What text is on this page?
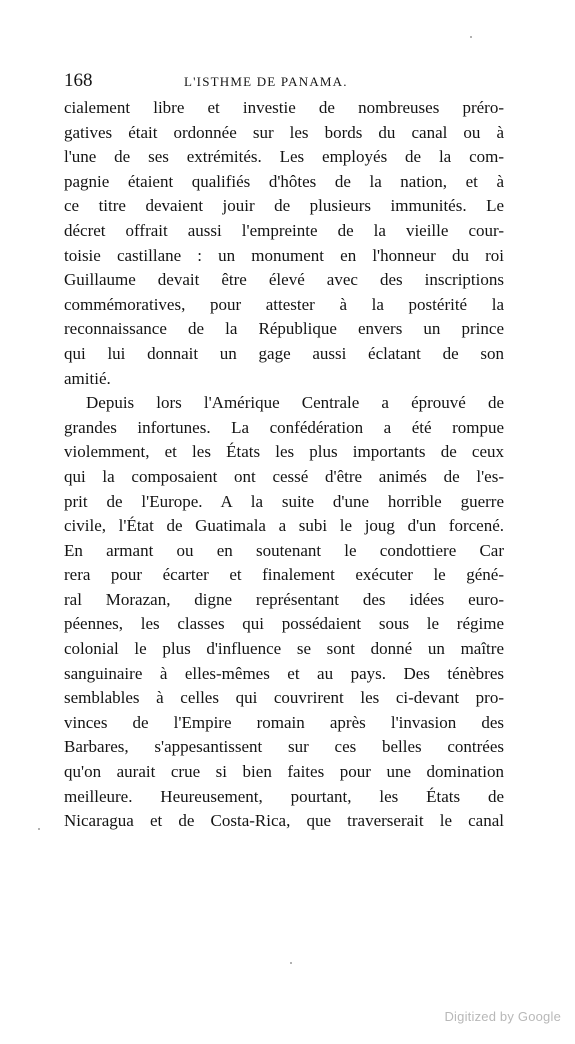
168	L'ISTHME DE PANAMA.

cialement libre et investie de nombreuses préro-
gatives était ordonnée sur les bords du canal ou à
l'une de ses extrémités. Les employés de la com-
pagnie étaient qualifiés d'hôtes de la nation, et à
ce titre devaient jouir de plusieurs immunités. Le
décret offrait aussi l'empreinte de la vieille cour-
toisie castillane : un monument en l'honneur du roi
Guillaume devait être élevé avec des inscriptions
commémoratives, pour attester à la postérité la
reconnaissance de la République envers un prince
qui lui donnait un gage aussi éclatant de son
amitié.

Depuis lors l'Amérique Centrale a éprouvé de
grandes infortunes. La confédération a été rompue
violemment, et les États les plus importants de ceux
qui la composaient ont cessé d'être animés de l'es-
prit de l'Europe. A la suite d'une horrible guerre
civile, l'État de Guatimala a subi le joug d'un forcené.
En armant ou en soutenant le condottiere Car
rera pour écarter et finalement exécuter le géné-
ral Morazan, digne représentant des idées euro-
péennes, les classes qui possédaient sous le régime
colonial le plus d'influence se sont donné un maître
sanguinaire à elles-mêmes et au pays. Des ténèbres
semblables à celles qui couvrirent les ci-devant pro-
vinces de l'Empire romain après l'invasion des
Barbares, s'appesantissent sur ces belles contrées
qu'on aurait crue si bien faites pour une domination
meilleure. Heureusement, pourtant, les États de
Nicaragua et de Costa-Rica, que traverserait le canal

Digitized by Google
